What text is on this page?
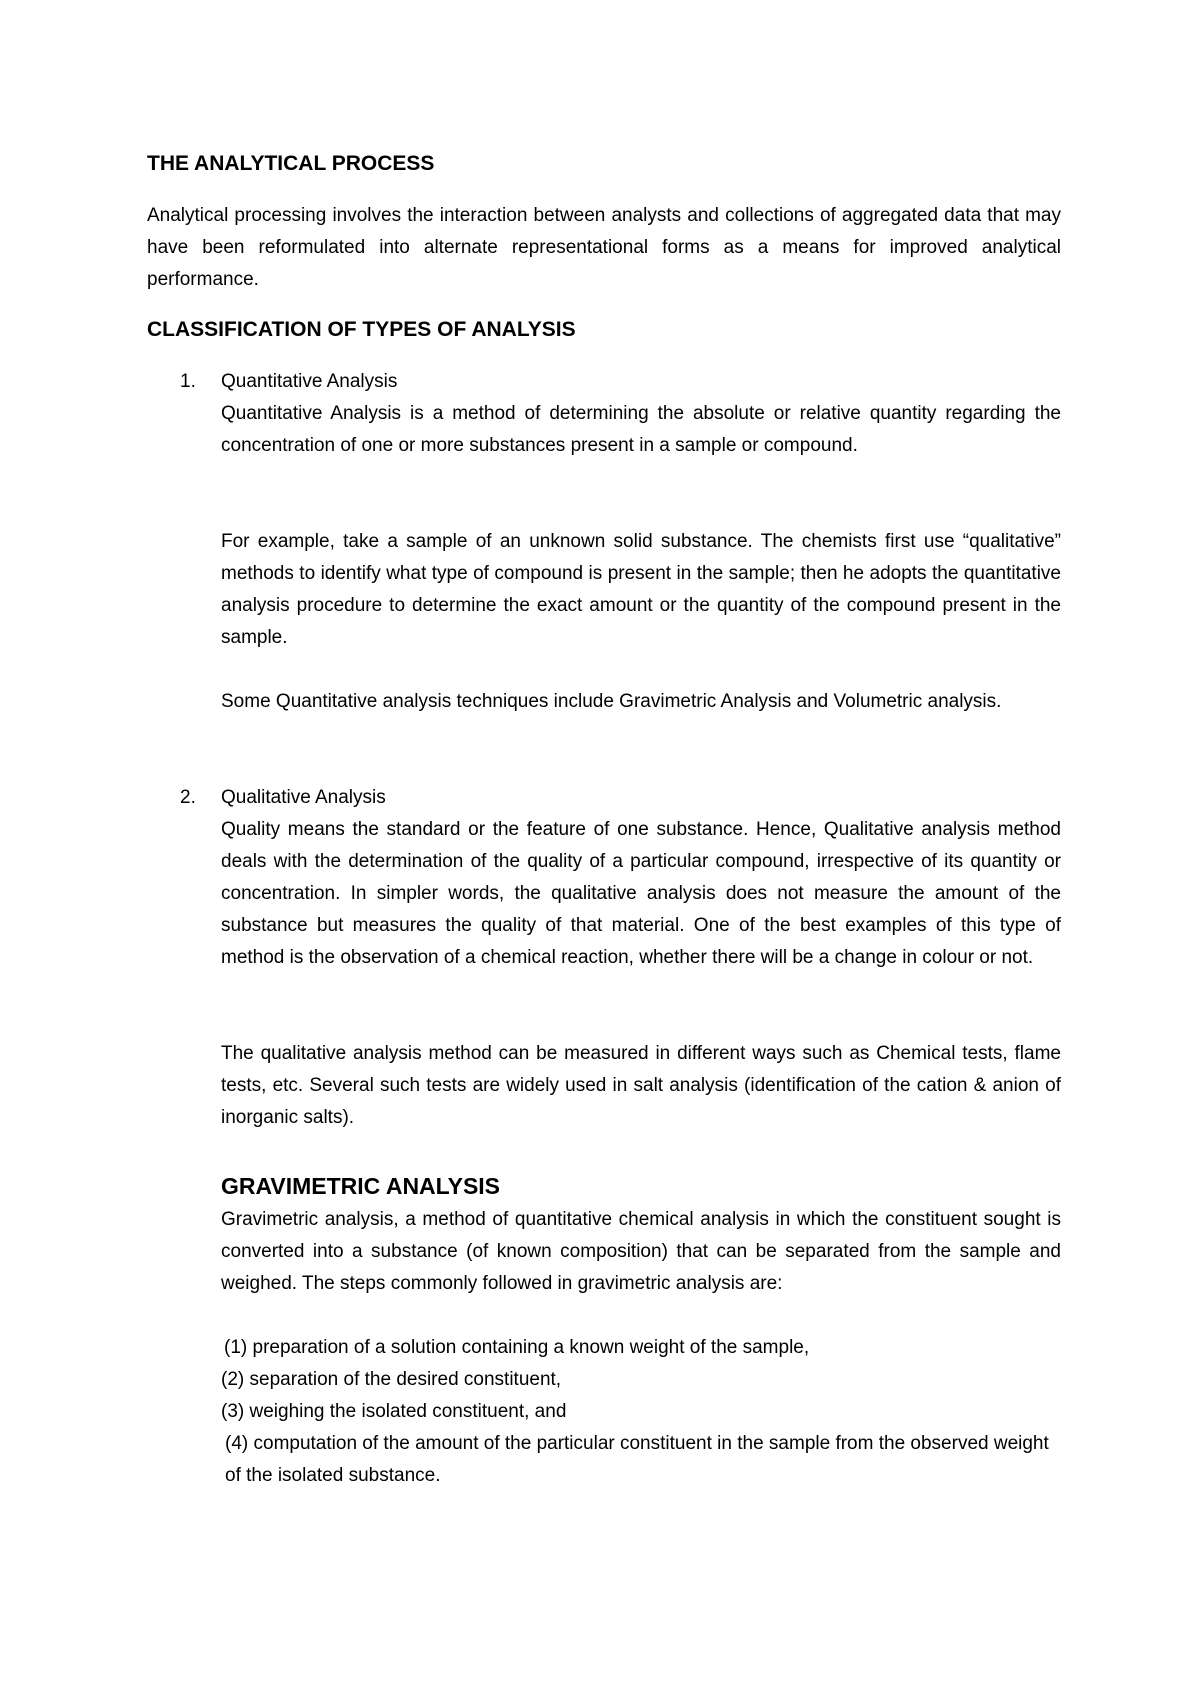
THE ANALYTICAL PROCESS
Analytical processing involves the interaction between analysts and collections of aggregated data that may have been reformulated into alternate representational forms as a means for improved analytical performance.
CLASSIFICATION OF TYPES OF ANALYSIS
1. Quantitative Analysis
Quantitative Analysis is a method of determining the absolute or relative quantity regarding the concentration of one or more substances present in a sample or compound.
For example, take a sample of an unknown solid substance. The chemists first use “qualitative” methods to identify what type of compound is present in the sample; then he adopts the quantitative analysis procedure to determine the exact amount or the quantity of the compound present in the sample.
Some Quantitative analysis techniques include Gravimetric Analysis and Volumetric analysis.
2. Qualitative Analysis
Quality means the standard or the feature of one substance. Hence, Qualitative analysis method deals with the determination of the quality of a particular compound, irrespective of its quantity or concentration. In simpler words, the qualitative analysis does not measure the amount of the substance but measures the quality of that material. One of the best examples of this type of method is the observation of a chemical reaction, whether there will be a change in colour or not.
The qualitative analysis method can be measured in different ways such as Chemical tests, flame tests, etc. Several such tests are widely used in salt analysis (identification of the cation & anion of inorganic salts).
GRAVIMETRIC ANALYSIS
Gravimetric analysis, a method of quantitative chemical analysis in which the constituent sought is converted into a substance (of known composition) that can be separated from the sample and weighed. The steps commonly followed in gravimetric analysis are:
(1) preparation of a solution containing a known weight of the sample,
(2) separation of the desired constituent,
(3) weighing the isolated constituent, and
(4) computation of the amount of the particular constituent in the sample from the observed weight of the isolated substance.
